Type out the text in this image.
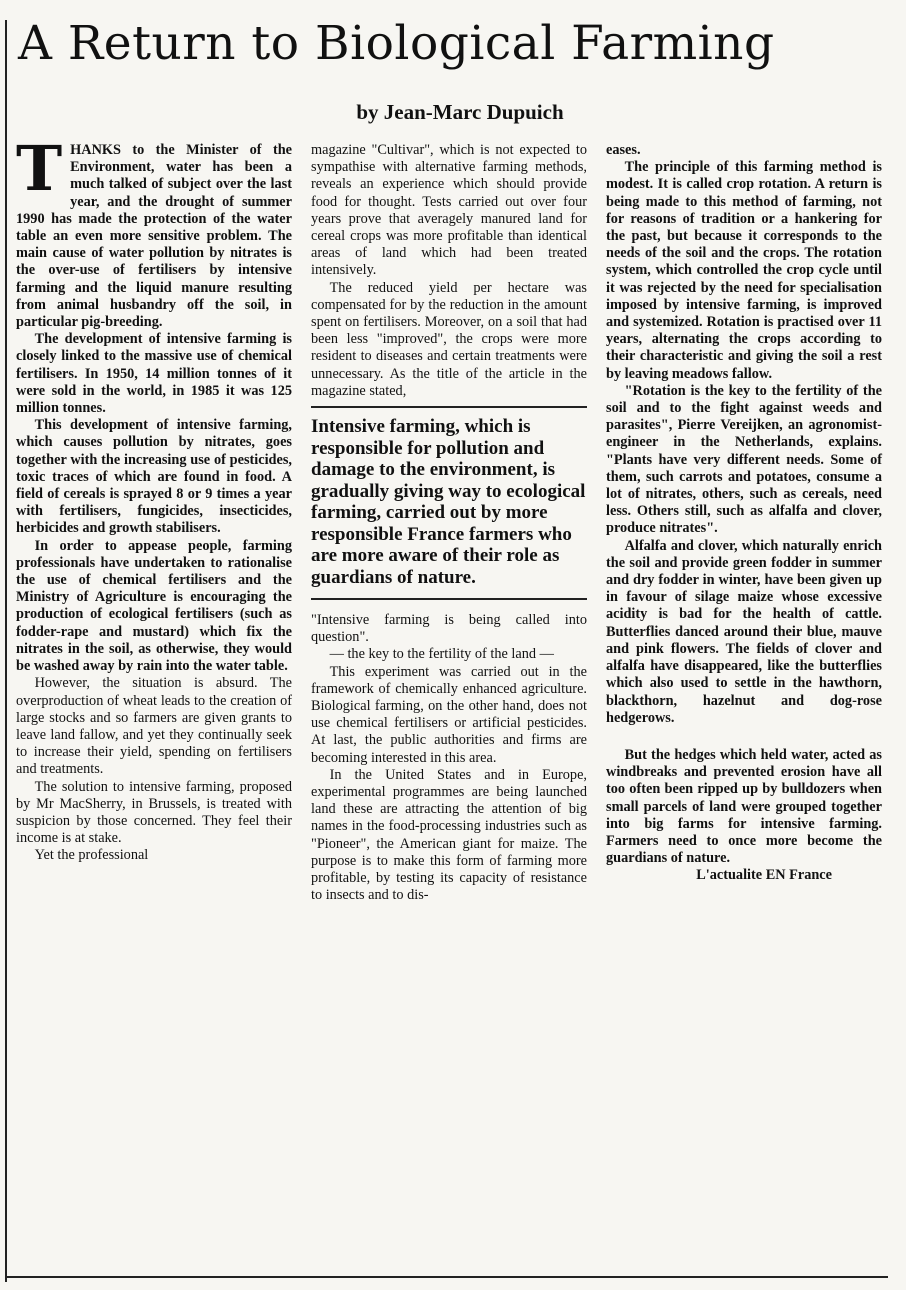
A Return to Biological Farming
by Jean-Marc Dupuich

THANKS to the Minister of the Environment, water has been a much talked of subject over the last year, and the drought of summer 1990 has made the protection of the water table an even more sensitive problem. The main cause of water pollution by nitrates is the over-use of fertilisers by intensive farming and the liquid manure resulting from animal husbandry off the soil, in particular pig-breeding.

The development of intensive farming is closely linked to the massive use of chemical fertilisers. In 1950, 14 million tonnes of it were sold in the world, in 1985 it was 125 million tonnes.

This development of intensive farming, which causes pollution by nitrates, goes together with the increasing use of pesticides, toxic traces of which are found in food. A field of cereals is sprayed 8 or 9 times a year with fertilisers, fungicides, insecticides, herbicides and growth stabilisers.

In order to appease people, farming professionals have undertaken to rationalise the use of chemical fertilisers and the Ministry of Agriculture is encouraging the production of ecological fertilisers (such as fodder-rape and mustard) which fix the nitrates in the soil, as otherwise, they would be washed away by rain into the water table.

However, the situation is absurd. The overproduction of wheat leads to the creation of large stocks and so farmers are given grants to leave land fallow, and yet they continually seek to increase their yield, spending on fertilisers and treatments.

The solution to intensive farming, proposed by Mr MacSherry, in Brussels, is treated with suspicion by those concerned. They feel their income is at stake.

Yet the professional

magazine "Cultivar", which is not expected to sympathise with alternative farming methods, reveals an experience which should provide food for thought. Tests carried out over four years prove that averagely manured land for cereal crops was more profitable than identical areas of land which had been treated intensively.

The reduced yield per hectare was compensated for by the reduction in the amount spent on fertilisers. Moreover, on a soil that had been less "improved", the crops were more resident to diseases and certain treatments were unnecessary. As the title of the article in the magazine stated,

Intensive farming, which is responsible for pollution and damage to the environment, is gradually giving way to ecological farming, carried out by more responsible France farmers who are more aware of their role as guardians of nature.

"Intensive farming is being called into question".

— the key to the fertility of the land —

This experiment was carried out in the framework of chemically enhanced agriculture. Biological farming, on the other hand, does not use chemical fertilisers or artificial pesticides. At last, the public authorities and firms are becoming interested in this area.

In the United States and in Europe, experimental programmes are being launched land these are attracting the attention of big names in the food-processing industries such as "Pioneer", the American giant for maize. The purpose is to make this form of farming more profitable, by testing its capacity of resistance to insects and to dis-

eases.

The principle of this farming method is modest. It is called crop rotation. A return is being made to this method of farming, not for reasons of tradition or a hankering for the past, but because it corresponds to the needs of the soil and the crops. The rotation system, which controlled the crop cycle until it was rejected by the need for specialisation imposed by intensive farming, is improved and systemized. Rotation is practised over 11 years, alternating the crops according to their characteristic and giving the soil a rest by leaving meadows fallow.

"Rotation is the key to the fertility of the soil and to the fight against weeds and parasites", Pierre Vereijken, an agronomist-engineer in the Netherlands, explains. "Plants have very different needs. Some of them, such carrots and potatoes, consume a lot of nitrates, others, such as cereals, need less. Others still, such as alfalfa and clover, produce nitrates".

Alfalfa and clover, which naturally enrich the soil and provide green fodder in summer and dry fodder in winter, have been given up in favour of silage maize whose excessive acidity is bad for the health of cattle. Butterflies danced around their blue, mauve and pink flowers. The fields of clover and alfalfa have disappeared, like the butterflies which also used to settle in the hawthorn, blackthorn, hazelnut and dog-rose hedgerows.

But the hedges which held water, acted as windbreaks and prevented erosion have all too often been ripped up by bulldozers when small parcels of land were grouped together into big farms for intensive farming. Farmers need to once more become the guardians of nature.

L'actualite EN France
